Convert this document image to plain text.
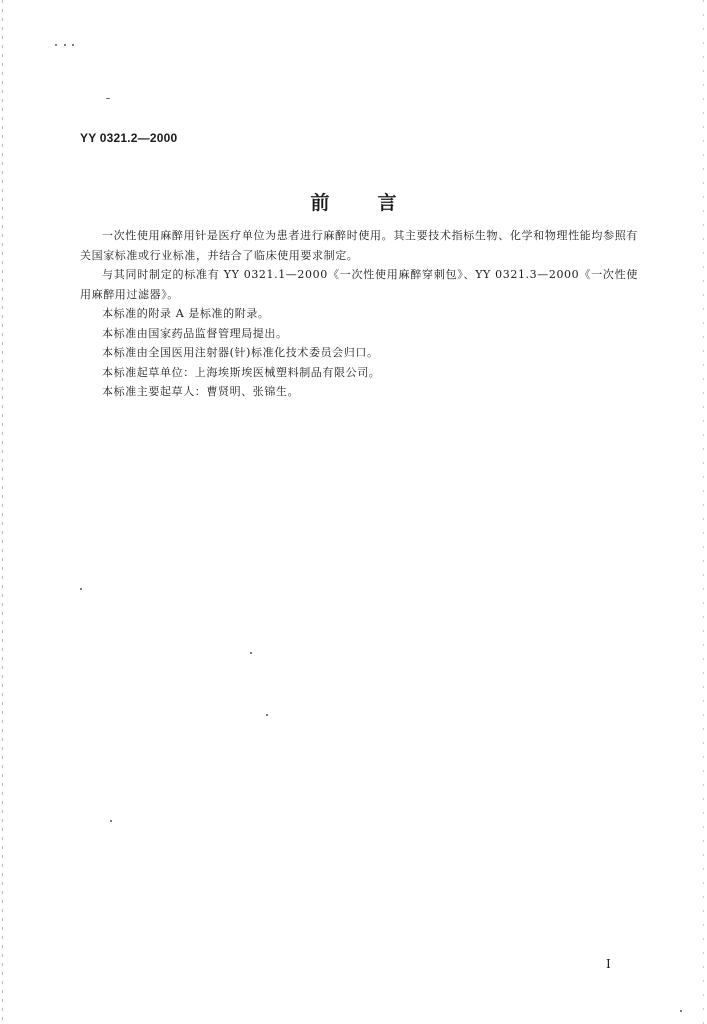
YY 0321.2—2000
前言

一次性使用麻醉用针是医疗单位为患者进行麻醉时使用。其主要技术指标生物、化学和物理性能均参照有关国家标准或行业标准，并结合了临床使用要求制定。

与其同时制定的标准有 YY 0321.1—2000《一次性使用麻醉穿刺包》、YY 0321.3—2000《一次性使用麻醉用过滤器》。

本标准的附录 A 是标准的附录。

本标准由国家药品监督管理局提出。

本标准由全国医用注射器(针)标准化技术委员会归口。

本标准起草单位：上海埃斯埃医械塑料制品有限公司。

本标准主要起草人：曹贤明、张锦生。

I
